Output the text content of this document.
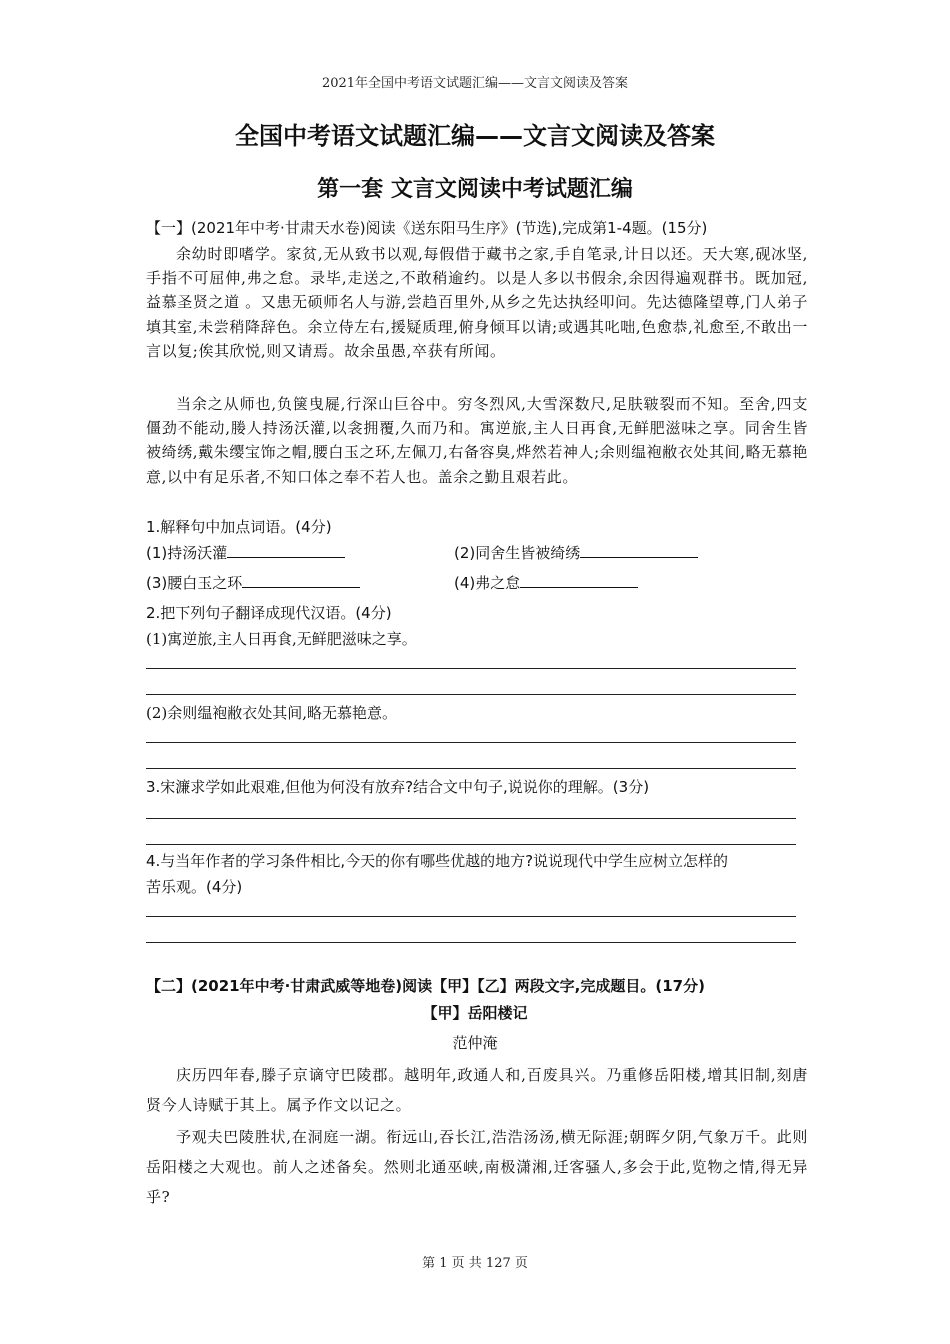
2021年全国中考语文试题汇编——文言文阅读及答案
全国中考语文试题汇编——文言文阅读及答案
第一套 文言文阅读中考试题汇编
【一】(2021年中考·甘肃天水卷)阅读《送东阳马生序》(节选),完成第1-4题。(15分)
余幼时即嗜学。家贫,无从致书以观,每假借于藏书之家,手自笔录,计日以还。天大寒,砚冰坚,手指不可屈伸,弗之怠。录毕,走送之,不敢稍逾约。以是人多以书假余,余因得遍观群书。既加冠,益慕圣贤之道 。又患无硕师名人与游,尝趋百里外,从乡之先达执经叩问。先达德隆望尊,门人弟子填其室,未尝稍降辞色。余立侍左右,援疑质理,俯身倾耳以请;或遇其叱咄,色愈恭,礼愈至,不敢出一言以复;俟其欣悦,则又请焉。故余虽愚,卒获有所闻。
当余之从师也,负箧曳屣,行深山巨谷中。穷冬烈风,大雪深数尺,足肤皲裂而不知。至舍,四支僵劲不能动,媵人持汤沃灌,以衾拥覆,久而乃和。寓逆旅,主人日再食,无鲜肥滋味之享。同舍生皆被绮绣,戴朱缨宝饰之帽,腰白玉之环,左佩刀,右备容臭,烨然若神人;余则缊袍敝衣处其间,略无慕艳意,以中有足乐者,不知口体之奉不若人也。盖余之勤且艰若此。
1.解释句中加点词语。(4分)
(1)持汤沃灌	(2)同舍生皆被绮绣
(3)腰白玉之环	(4)弗之怠
2.把下列句子翻译成现代汉语。(4分)
(1)寓逆旅,主人日再食,无鲜肥滋味之享。
(2)余则缊袍敝衣处其间,略无慕艳意。
3.宋濂求学如此艰难,但他为何没有放弃?结合文中句子,说说你的理解。(3分)
4.与当年作者的学习条件相比,今天的你有哪些优越的地方?说说现代中学生应树立怎样的
苦乐观。(4分)
【二】(2021年中考·甘肃武威等地卷)阅读【甲】【乙】两段文字,完成题目。(17分)
【甲】岳阳楼记
范仲淹
庆历四年春,滕子京谪守巴陵郡。越明年,政通人和,百废具兴。乃重修岳阳楼,增其旧制,刻唐贤今人诗赋于其上。属予作文以记之。
予观夫巴陵胜状,在洞庭一湖。衔远山,吞长江,浩浩汤汤,横无际涯;朝晖夕阴,气象万千。此则岳阳楼之大观也。前人之述备矣。然则北通巫峡,南极潇湘,迁客骚人,多会于此,览物之情,得无异乎?
第 1 页 共 127 页
